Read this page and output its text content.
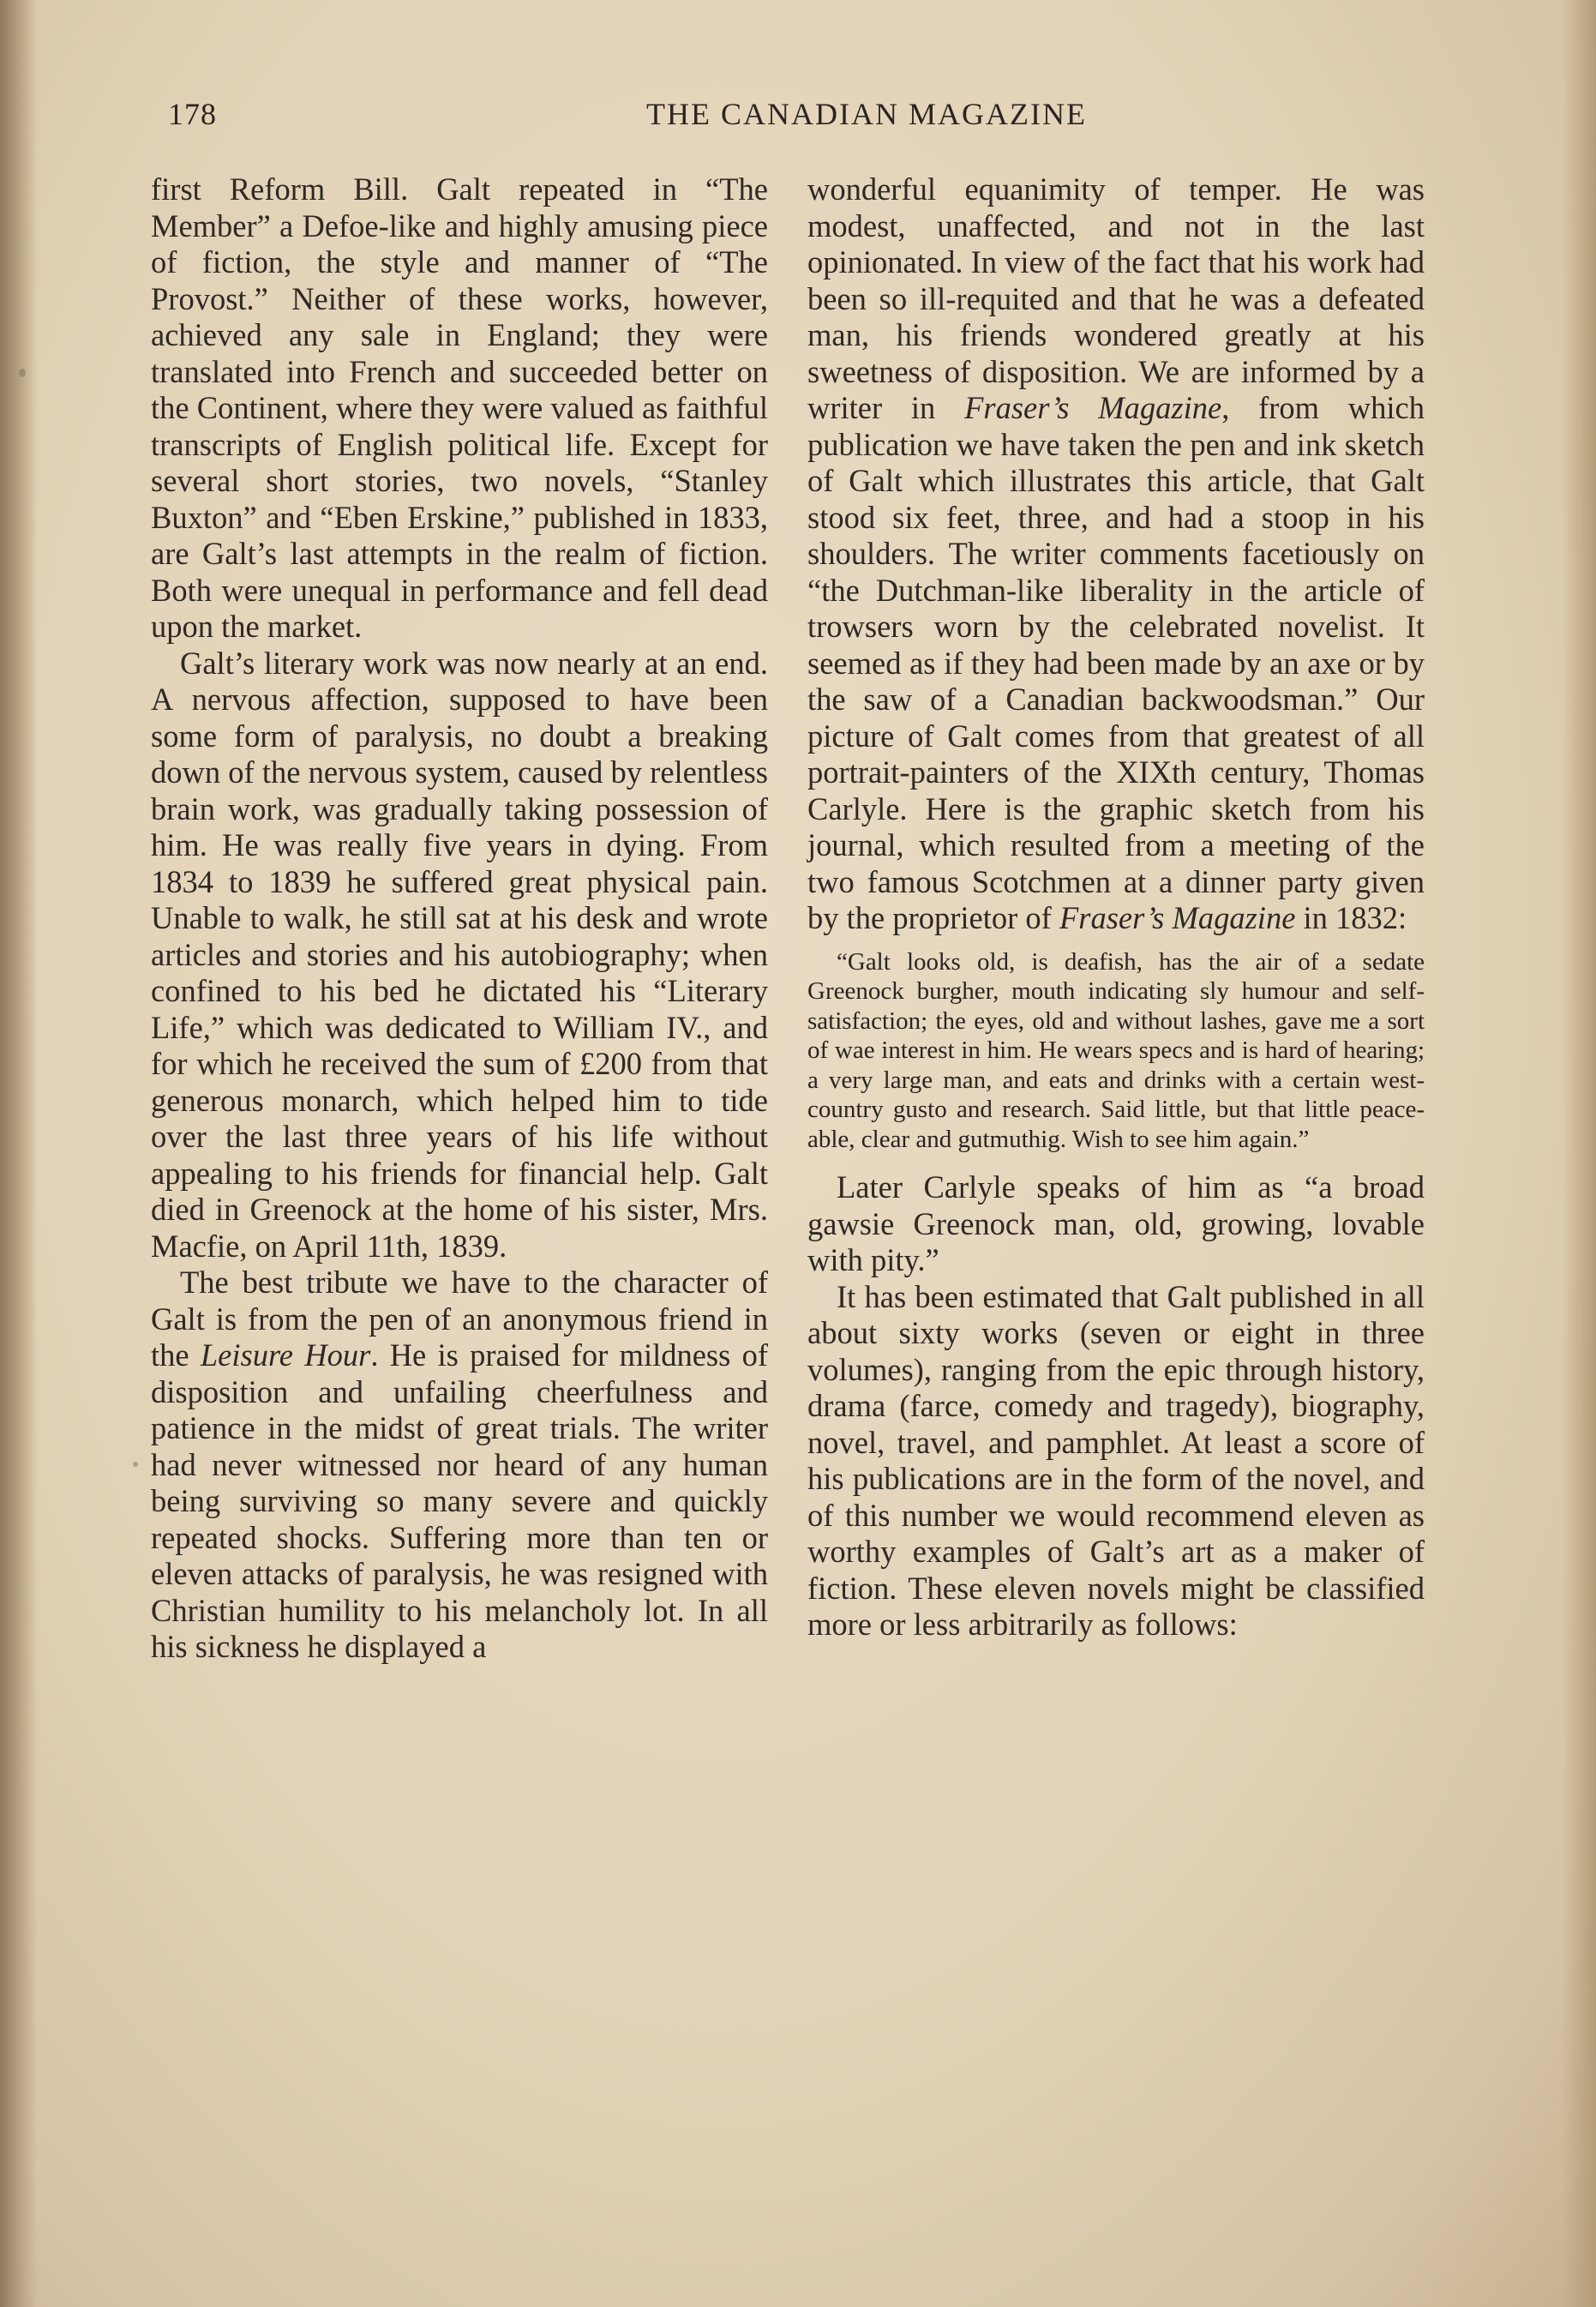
178	THE CANADIAN MAGAZINE

first Reform Bill. Galt repeated in “The Member” a Defoe-like and highly amusing piece of fiction, the style and manner of “The Provost.” Neither of these works, however, achieved any sale in England; they were translated into French and succeeded better on the Continent, where they were valued as faithful transcripts of English political life. Except for several short stories, two novels, “Stanley Buxton” and “Eben Erskine,” published in 1833, are Galt’s last attempts in the realm of fiction. Both were unequal in performance and fell dead upon the market.

Galt’s literary work was now nearly at an end. A nervous affection, supposed to have been some form of paralysis, no doubt a breaking down of the nervous system, caused by relentless brain work, was gradually taking possession of him. He was really five years in dying. From 1834 to 1839 he suffered great physical pain. Unable to walk, he still sat at his desk and wrote articles and stories and his autobiography; when confined to his bed he dictated his “Literary Life,” which was dedicated to William IV., and for which he received the sum of £200 from that generous monarch, which helped him to tide over the last three years of his life without appealing to his friends for financial help. Galt died in Greenock at the home of his sister, Mrs. Macfie, on April 11th, 1839.

The best tribute we have to the character of Galt is from the pen of an anonymous friend in the Leisure Hour. He is praised for mildness of disposition and unfailing cheerfulness and patience in the midst of great trials. The writer had never witnessed nor heard of any human being surviving so many severe and quickly repeated shocks. Suffering more than ten or eleven attacks of paralysis, he was resigned with Christian humility to his melancholy lot. In all his sickness he displayed a

wonderful equanimity of temper. He was modest, unaffected, and not in the last opinionated. In view of the fact that his work had been so ill-requited and that he was a defeated man, his friends wondered greatly at his sweetness of disposition. We are informed by a writer in Fraser’s Magazine, from which publication we have taken the pen and ink sketch of Galt which illustrates this article, that Galt stood six feet, three, and had a stoop in his shoulders. The writer comments facetiously on “the Dutchman-like liberality in the article of trowsers worn by the celebrated novelist. It seemed as if they had been made by an axe or by the saw of a Canadian backwoodsman.” Our picture of Galt comes from that greatest of all portrait-painters of the XIXth century, Thomas Carlyle. Here is the graphic sketch from his journal, which resulted from a meeting of the two famous Scotchmen at a dinner party given by the proprietor of Fraser’s Magazine in 1832:

“Galt looks old, is deafish, has the air of a sedate Greenock burgher, mouth indicating sly humour and self-satisfaction; the eyes, old and without lashes, gave me a sort of wae interest in him. He wears specs and is hard of hearing; a very large man, and eats and drinks with a certain west-country gusto and research. Said little, but that little peaceable, clear and gutmuthig. Wish to see him again.”

Later Carlyle speaks of him as “a broad gawsie Greenock man, old, growing, lovable with pity.”

It has been estimated that Galt published in all about sixty works (seven or eight in three volumes), ranging from the epic through history, drama (farce, comedy and tragedy), biography, novel, travel, and pamphlet. At least a score of his publications are in the form of the novel, and of this number we would recommend eleven as worthy examples of Galt’s art as a maker of fiction. These eleven novels might be classified more or less arbitrarily as follows:
